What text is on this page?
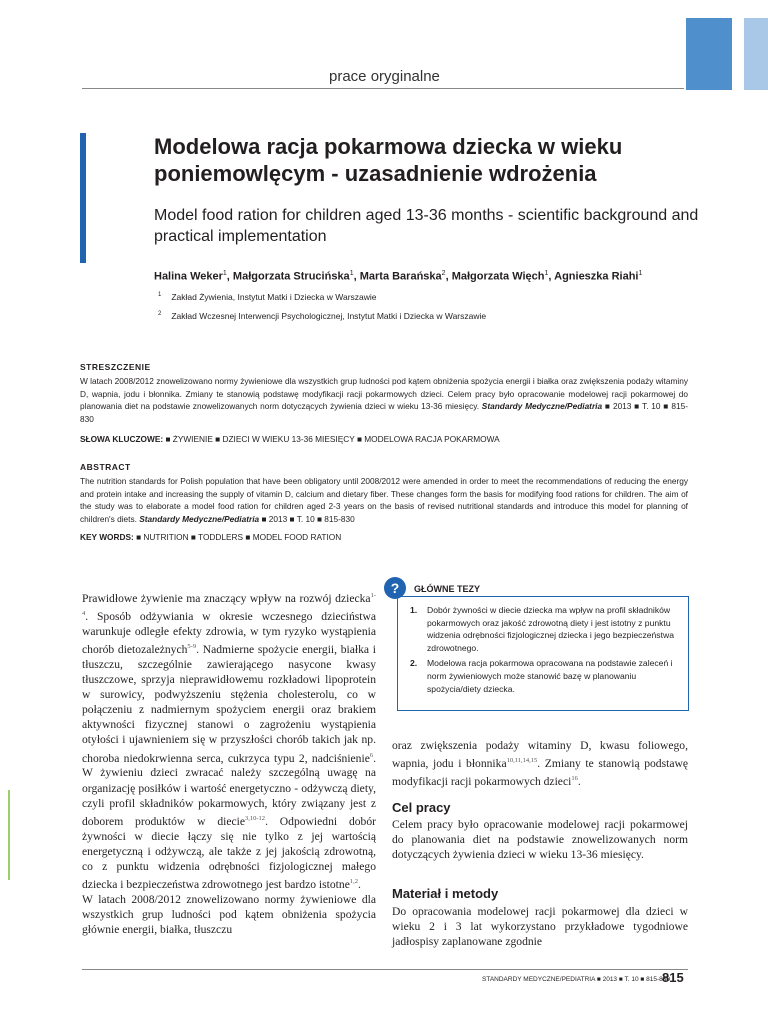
prace oryginalne
Modelowa racja pokarmowa dziecka w wieku poniemowlęcym - uzasadnienie wdrożenia
Model food ration for children aged 13-36 months - scientific background and practical implementation
Halina Weker$^1$, Małgorzata Strucińska$^1$, Marta Barańska$^2$, Małgorzata Więch$^1$, Agnieszka Riahi$^1$
$^1$ Zakład Żywienia, Instytut Matki i Dziecka w Warszawie
$^2$ Zakład Wczesnej Interwencji Psychologicznej, Instytut Matki i Dziecka w Warszawie
STRESZCZENIE
W latach 2008/2012 znowelizowano normy żywieniowe dla wszystkich grup ludności pod kątem obniżenia spożycia energii i białka oraz zwiększenia podaży witaminy D, wapnia, jodu i błonnika. Zmiany te stanowią podstawę modyfikacji racji pokarmowych dzieci. Celem pracy było opracowanie modelowej racji pokarmowej do planowania diet na podstawie znowelizowanych norm dotyczących żywienia dzieci w wieku 13-36 miesięcy. Standardy Medyczne/Pediatria ■ 2013 ■ T. 10 ■ 815-830
SŁOWA KLUCZOWE: ■ ŻYWIENIE ■ DZIECI W WIEKU 13-36 MIESIĘCY ■ MODELOWA RACJA POKARMOWA
ABSTRACT
The nutrition standards for Polish population that have been obligatory until 2008/2012 were amended in order to meet the recommendations of reducing the energy and protein intake and increasing the supply of vitamin D, calcium and dietary fiber. These changes form the basis for modifying food rations for children. The aim of the study was to elaborate a model food ration for children aged 2-3 years on the basis of revised nutritional standards and introduce this model for planning of children's diets. Standardy Medyczne/Pediatria ■ 2013 ■ T. 10 ■ 815-830
KEY WORDS: ■ NUTRITION ■ TODDLERS ■ MODEL FOOD RATION

Prawidłowe żywienie ma znaczący wpływ na rozwój dziecka$^{1-4}$. Sposób odżywiania w okresie wczesnego dzieciństwa warunkuje odległe efekty zdrowia, w tym ryzyko wystąpienia chorób dietozależnych$^{5-9}$. Nadmierne spożycie energii, białka i tłuszczu, szczególnie zawierającego nasycone kwasy tłuszczowe, sprzyja nieprawidłowemu rozkładowi lipoprotein w surowicy, podwyższeniu stężenia cholesterolu, co w połączeniu z nadmiernym spożyciem energii oraz brakiem aktywności fizycznej stanowi o zagrożeniu wystąpienia otyłości i ujawnieniem się w przyszłości chorób takich jak np. choroba niedokrwienna serca, cukrzyca typu 2, nadciśnienie$^6$. W żywieniu dzieci zwracać należy szczególną uwagę na organizację posiłków i wartość energetyczno - odżywczą diety, czyli profil składników pokarmowych, który związany jest z doborem produktów w diecie$^{3,10-12}$. Odpowiedni dobór żywności w diecie łączy się nie tylko z jej wartością energetyczną i odżywczą, ale także z jej jakością zdrowotną, co z punktu widzenia odrębności fizjologicznej małego dziecka i bezpieczeństwa zdrowotnego jest bardzo istotne$^{1,2}$.

W latach 2008/2012 znowelizowano normy żywieniowe dla wszystkich grup ludności pod kątem obniżenia spożycia głównie energii, białka, tłuszczu

?	GŁÓWNE TEZY
1. Dobór żywności w diecie dziecka ma wpływ na profil składników pokarmowych oraz jakość zdrowotną diety i jest istotny z punktu widzenia odrębności fizjologicznej dziecka i jego bezpieczeństwa zdrowotnego.
2. Modelowa racja pokarmowa opracowana na podstawie zaleceń i norm żywieniowych może stanowić bazę w planowaniu spożycia/diety dziecka.

oraz zwiększenia podaży witaminy D, kwasu foliowego, wapnia, jodu i błonnika$^{10,11,14,15}$. Zmiany te stanowią podstawę modyfikacji racji pokarmowych dzieci$^{16}$.

Cel pracy

Celem pracy było opracowanie modelowej racji pokarmowej do planowania diet na podstawie znowelizowanych norm dotyczących żywienia dzieci w wieku 13-36 miesięcy.

Materiał i metody

Do opracowania modelowej racji pokarmowej dla dzieci w wieku 2 i 3 lat wykorzystano przykładowe tygodniowe jadłospisy zaplanowane zgodnie

STANDARDY MEDYCZNE/PEDIATRIA ■ 2013 ■ T. 10 ■ 815-830
815
